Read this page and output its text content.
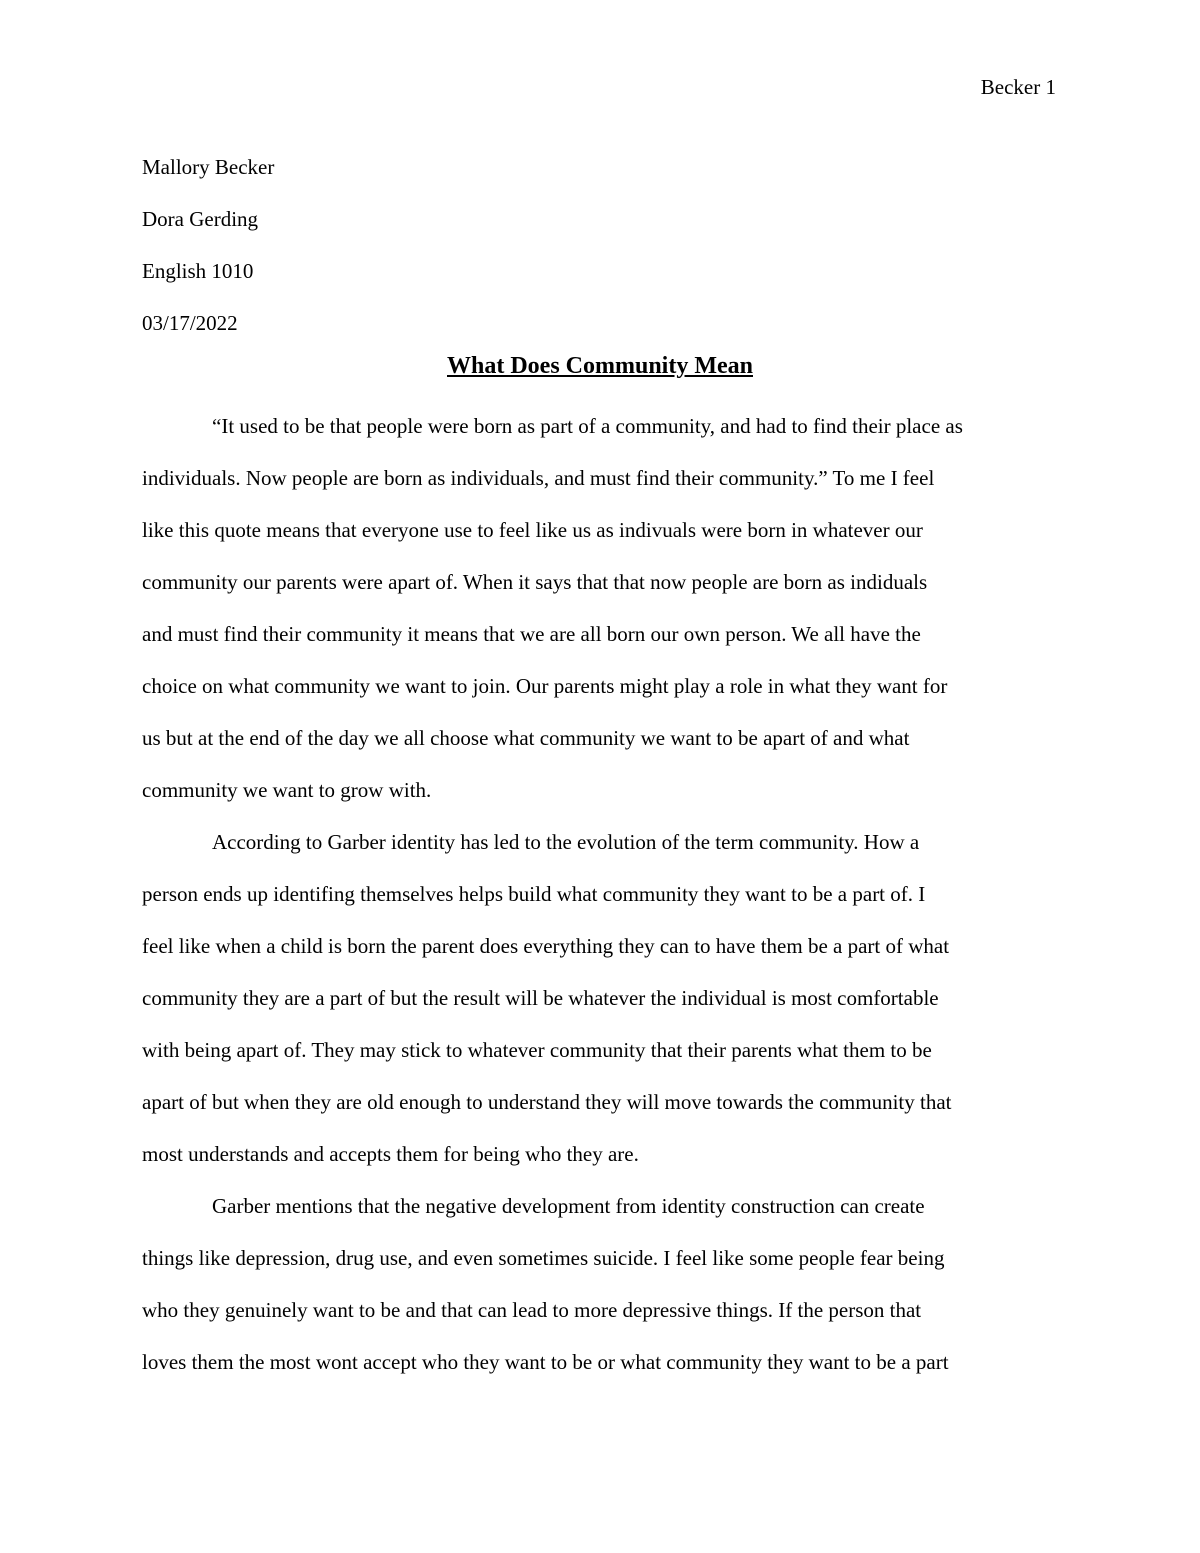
Becker 1
Mallory Becker
Dora Gerding
English 1010
03/17/2022
What Does Community Mean
“It used to be that people were born as part of a community, and had to find their place as
individuals. Now people are born as individuals, and must find their community.” To me I feel
like this quote means that everyone use to feel like us as indivuals were born in whatever our
community our parents were apart of. When it says that that now people are born as indiduals
and must find their community it means that we are all born our own person. We all have the
choice on what community we want to join. Our parents might play a role in what they want for
us but at the end of the day we all choose what community we want to be apart of and what
community we want to grow with.
According to Garber identity has led to the evolution of the term community. How a
person ends up identifing themselves helps build what community they want to be a part of. I
feel like when a child is born the parent does everything they can to have them be a part of what
community they are a part of but the result will be whatever the individual is most comfortable
with being apart of. They may stick to whatever community that their parents what them to be
apart of but when they are old enough to understand they will move towards the community that
most understands and accepts them for being who they are.
Garber mentions that the negative development from identity construction can create
things like depression, drug use, and even sometimes suicide. I feel like some people fear being
who they genuinely want to be and that can lead to more depressive things. If the person that
loves them the most wont accept who they want to be or what community they want to be a part
